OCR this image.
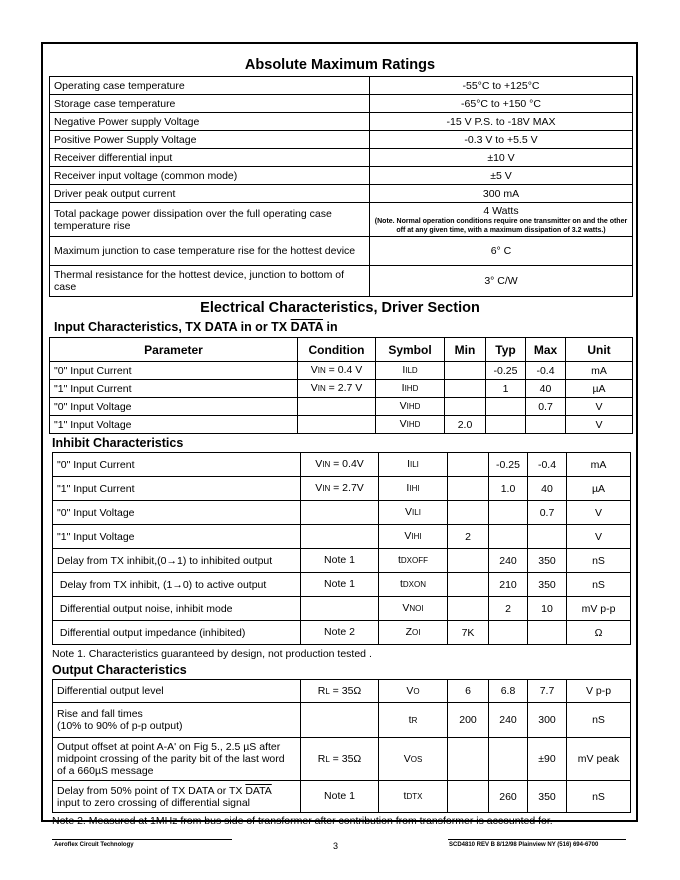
Absolute Maximum Ratings
Operating case temperature	-55°C to +125°C
Storage case temperature	-65°C to +150 °C
Negative Power supply Voltage	-15 V P.S. to -18V MAX
Positive Power Supply Voltage	-0.3 V to +5.5 V
Receiver differential input	±10 V
Receiver input voltage (common mode)	±5 V
Driver peak output current	300 mA
Total package power dissipation over the full operating case temperature rise	4 Watts
(Note. Normal operation conditions require one transmitter on and the other off at any given time, with a maximum dissipation of 3.2 watts.)

Maximum junction to case temperature rise for the hottest device	6° C
Thermal resistance for the hottest device, junction to bottom of case	3° C/W
Electrical Characteristics, Driver Section
Input Characteristics, TX DATA in or TX DATA in
Parameter	Condition	Symbol	Min	Typ	Max	Unit
"0" Input Current	VIN = 0.4 V	IILD		-0.25	-0.4	mA
"1" Input Current	VIN = 2.7 V	IIHD		1	40	µA
"0" Input Voltage		VIHD			0.7	V
"1" Input Voltage		VIHD	2.0			V
Inhibit Characteristics
"0" Input Current	VIN = 0.4V	IILI		-0.25	-0.4	mA
"1" Input Current	VIN = 2.7V	IIHI		1.0	40	µA
"0" Input Voltage		VILI			0.7	V
"1" Input Voltage		VIHI	2			V
Delay from TX inhibit,(0→1) to inhibited output	Note 1	tDXOFF		240	350	nS
Delay from TX inhibit, (1→0) to active output	Note 1	tDXON		210	350	nS
Differential output noise, inhibit mode		VNOI		2	10	mV p-p
Differential output impedance (inhibited)	Note 2	ZOI	7K			Ω
Note 1. Characteristics guaranteed by design, not production tested .
Output Characteristics
Differential output level	RL = 35Ω	VO	6	6.8	7.7	V p-p
Rise and fall times
(10% to 90% of p-p output)		tR	200	240	300	nS
Output offset at point A-A' on Fig 5., 2.5 µS after midpoint crossing of the parity bit of the last word of a 660µS message	RL = 35Ω	VOS			±90	mV peak
Delay from 50% point of TX DATA or TX DATA
input to zero crossing of differential signal	Note 1	tDTX		260	350	nS
Note 2. Measured at 1MHz from bus side of transformer after contribution from transformer is accounted for.
Aeroflex Circuit Technology	3	SCD4810 REV B 8/12/98 Plainview NY (516) 694-6700
